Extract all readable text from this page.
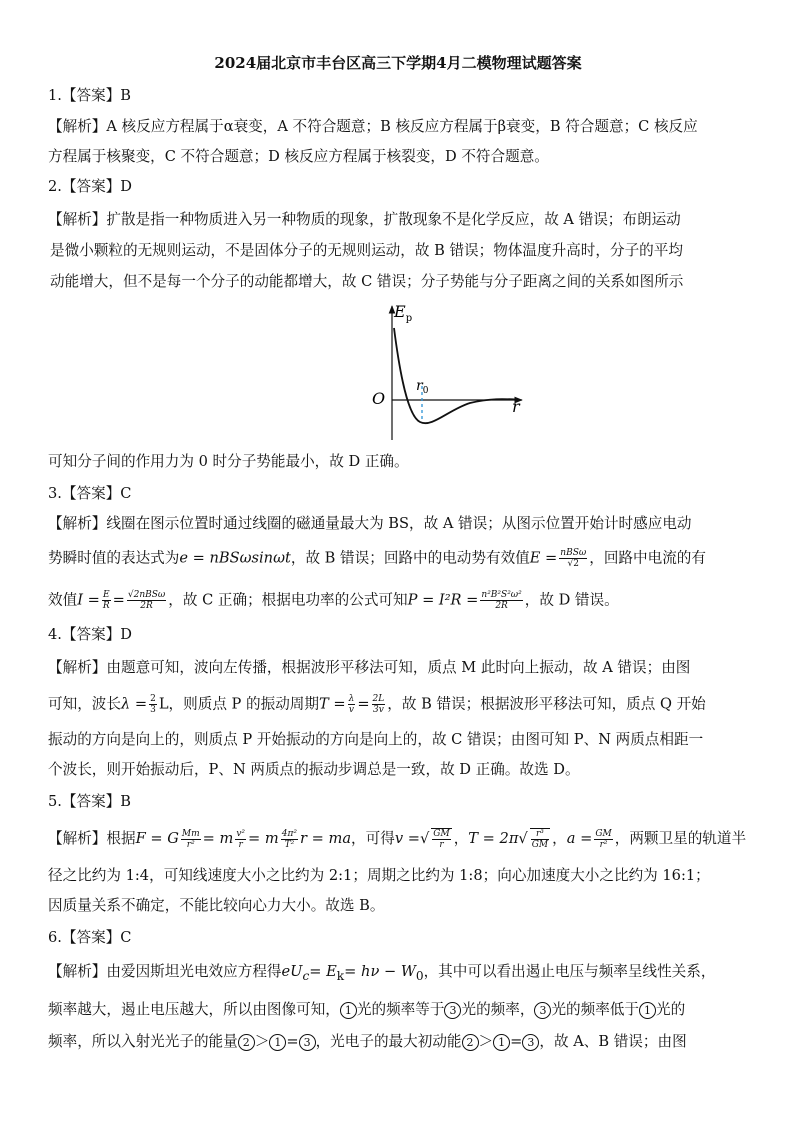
2024届北京市丰台区高三下学期4月二模物理试题答案
1.【答案】B
【解析】A 核反应方程属于α衰变，A 不符合题意；B 核反应方程属于β衰变，B 符合题意；C 核反应
方程属于核聚变，C 不符合题意；D 核反应方程属于核裂变，D 不符合题意。
2.【答案】D
【解析】扩散是指一种物质进入另一种物质的现象，扩散现象不是化学反应，故 A 错误；布朗运动
是微小颗粒的无规则运动，不是固体分子的无规则运动，故 B 错误；物体温度升高时，分子的平均
动能增大，但不是每一个分子的动能都增大，故 C 错误；分子势能与分子距离之间的关系如图所示
$E_p$
$r_0$
O	r
可知分子间的作用力为 0 时分子势能最小，故 D 正确。
3.【答案】C
【解析】线圈在图示位置时通过线圈的磁通量最大为 BS，故 A 错误；从图示位置开始计时感应电动
势瞬时值的表达式为e = nBSωsinωt，故 B 错误；回路中的电动势有效值$E = \frac{\text{nBSω}}{√2}$ ，回路中电流的有
效值$I = \frac{E}{R} = \frac{\text{√2nBSω}}{2R}$ ，故 C 正确；根据电功率的公式可知$P = I^2R = \frac{\text{n²B²S²ω²}}{2R}$ ，故 D 错误。
4.【答案】D
【解析】由题意可知，波向左传播，根据波形平移法可知，质点 M 此时向上振动，故 A 错误；由图
可知，波长$\lambda = \frac{2}{3}$ L，则质点 P 的振动周期$T = \frac{\lambda}{v} = \frac{2L}{3v}$ ，故 B 错误；根据波形平移法可知，质点 Q 开始
振动的方向是向上的，则质点 P 开始振动的方向是向上的，故 C 错误；由图可知 P、N 两质点相距一
个波长，则开始振动后，P、N 两质点的振动步调总是一致，故 D 正确。故选 D。
5.【答案】B
【解析】根据F = G $\frac{Mm}{\text{r²}} = m \frac{\text{v²}}{r} = m \frac{\text{4π²}}{\text{T²}}$ r = ma，可得v =√ $\frac{GM}{r}$ ，$T = 2\pi√ \frac{\text{r³}}{GM}$ ，$a = \frac{GM}{\text{r²}}$ ，两颗卫星的轨道半
径之比约为 1:4，可知线速度大小之比约为 2:1；周期之比约为 1:8；向心加速度大小之比约为 16:1；
因质量关系不确定，不能比较向心力大小。故选 B。
6.【答案】C
【解析】由爱因斯坦光电效应方程得$eU_c= E_k= h\nu - W_0$，其中可以看出遏止电压与频率呈线性关系，
频率越大，遏止电压越大，所以由图像可知， 1 光的频率等于 3 光的频率， 3 光的频率低于 1 光的
频率，所以入射光光子的能量 2 ＞ 1 = 3 ，光电子的最大初动能 2 ＞ 1 = 3 ，故 A、B 错误；由图
